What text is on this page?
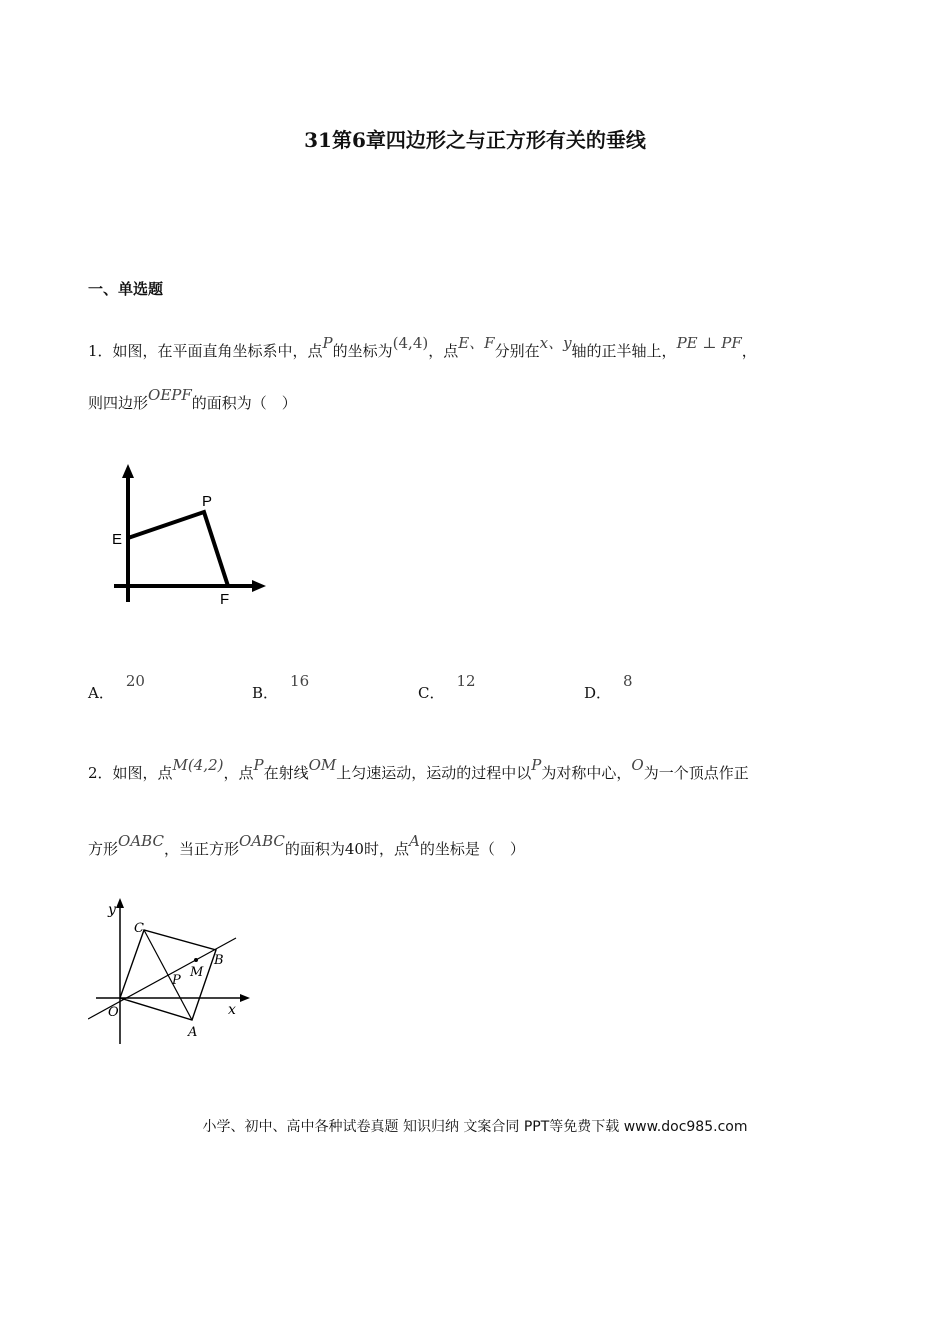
31第6章四边形之与正方形有关的垂线
一、单选题
1．如图，在平面直角坐标系中，点P的坐标为(4,4)，点E、F分别在x、y轴的正半轴上，PE ⊥ PF，
则四边形OEPF的面积为（　）
E
P
F
A．20
B．16
C．12
D．8
2．如图，点M(4,2)，点P在射线OM上匀速运动，运动的过程中以P为对称中心，O为一个顶点作正
方形OABC，当正方形OABC的面积为40时，点A的坐标是（　）
y
x
C
B
M
P
O
A
小学、初中、高中各种试卷真题 知识归纳 文案合同 PPT等免费下载 www.doc985.com
